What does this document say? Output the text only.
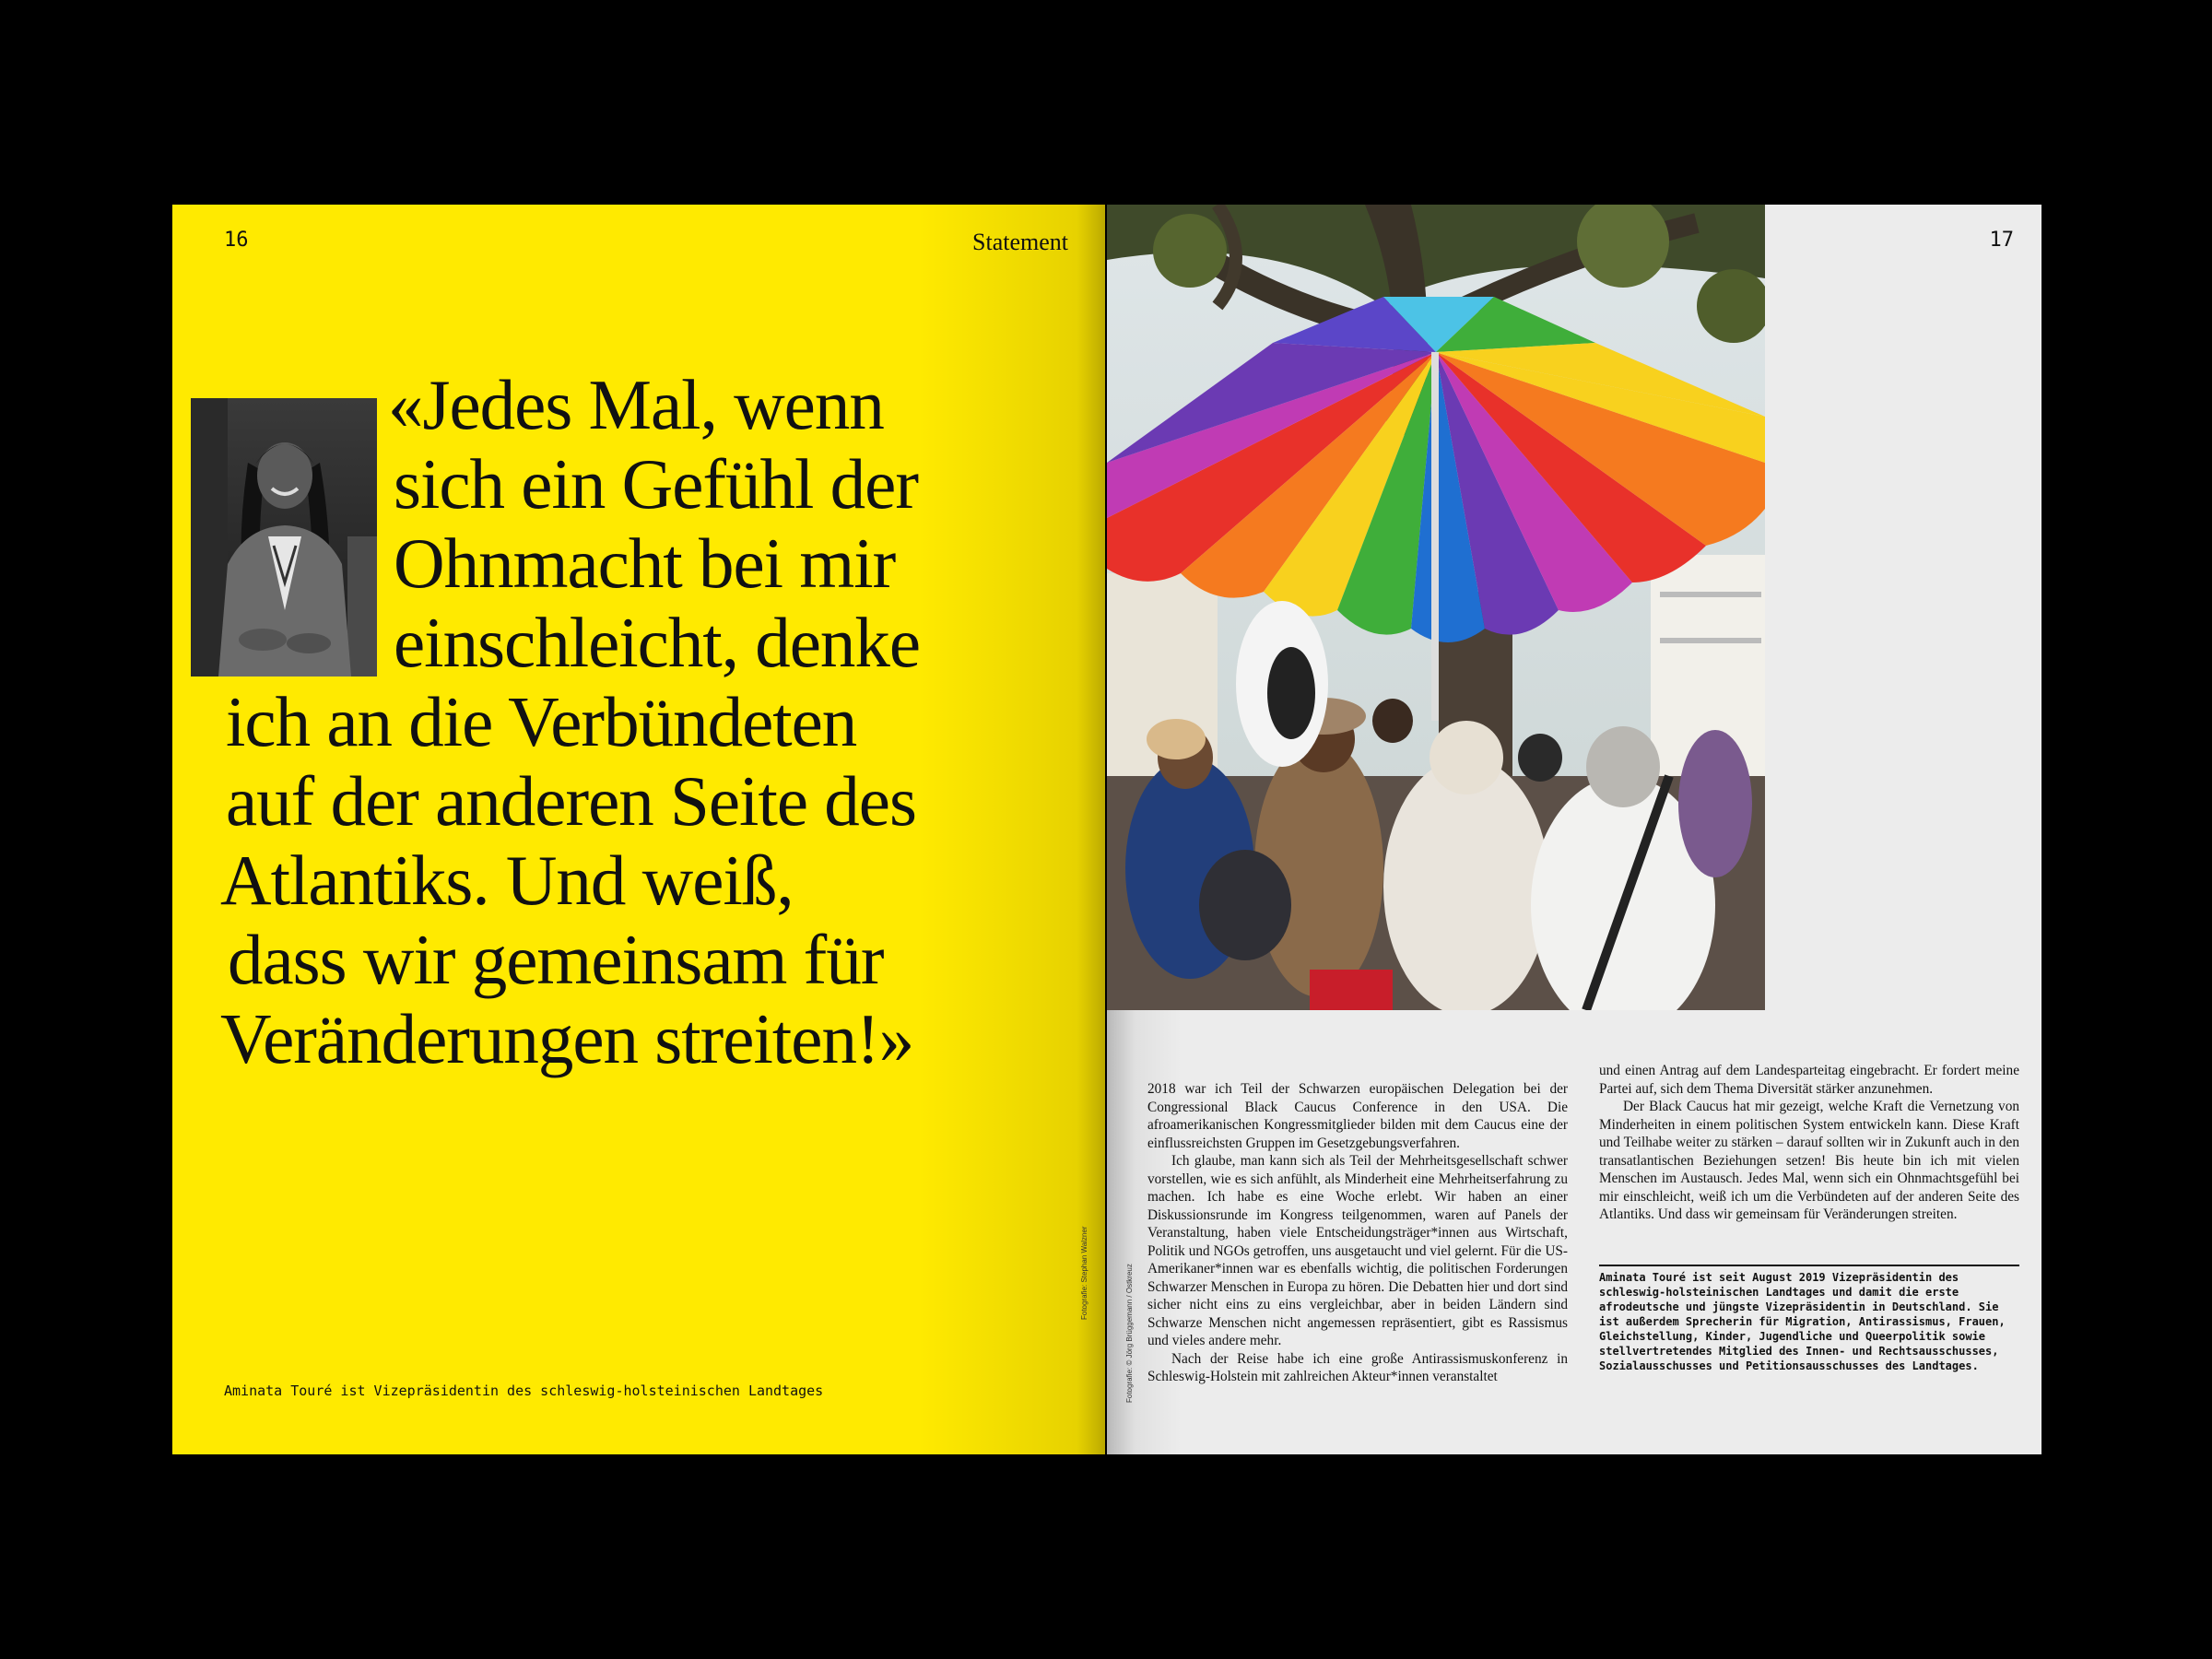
16	Statement
«Jedes Mal, wenn
sich ein Gefühl der
Ohnmacht bei mir
einschleicht, denke
ich an die Verbündeten
auf der anderen Seite des
Atlantiks. Und weiß,
dass wir gemeinsam für
Veränderungen streiten!»
Aminata Touré ist Vizepräsidentin des schleswig-holsteinischen Landtages
Fotografie: Stephan Walzner
17
Fotografie: © Jörg Brüggemann / Ostkreuz

2018 war ich Teil der Schwarzen europäischen Delegation bei der Congressional Black Caucus Conference in den USA. Die afroamerikanischen Kongressmitglieder bilden mit dem Caucus eine der einflussreichsten Gruppen im Gesetzgebungsverfahren.

Ich glaube, man kann sich als Teil der Mehrheitsgesellschaft schwer vorstellen, wie es sich anfühlt, als Minderheit eine Mehrheitserfahrung zu machen. Ich habe es eine Woche erlebt. Wir haben an einer Diskussionsrunde im Kongress teilgenommen, waren auf Panels der Veranstaltung, haben viele Entscheidungsträger*innen aus Wirtschaft, Politik und NGOs getroffen, uns ausgetaucht und viel gelernt. Für die US-Amerikaner*innen war es ebenfalls wichtig, die politischen Forderungen Schwarzer Menschen in Europa zu hören. Die Debatten hier und dort sind sicher nicht eins zu eins vergleichbar, aber in beiden Ländern sind Schwarze Menschen nicht angemessen repräsentiert, gibt es Rassismus und vieles andere mehr.

Nach der Reise habe ich eine große Antirassismuskonferenz in Schleswig-Holstein mit zahlreichen Akteur*innen veranstaltet

und einen Antrag auf dem Landesparteitag eingebracht. Er fordert meine Partei auf, sich dem Thema Diversität stärker anzunehmen.

Der Black Caucus hat mir gezeigt, welche Kraft die Vernetzung von Minderheiten in einem politischen System entwickeln kann. Diese Kraft und Teilhabe weiter zu stärken – darauf sollten wir in Zukunft auch in den transatlantischen Beziehungen setzen! Bis heute bin ich mit vielen Menschen im Austausch. Jedes Mal, wenn sich ein Ohnmachtsgefühl bei mir einschleicht, weiß ich um die Verbündeten auf der anderen Seite des Atlantiks. Und dass wir gemeinsam für Veränderungen streiten.

Aminata Touré ist seit August 2019 Vizepräsidentin des schleswig-holsteinischen Landtages und damit die erste afrodeutsche und jüngste Vizepräsidentin in Deutschland. Sie ist außerdem Sprecherin für Migration, Antirassismus, Frauen, Gleichstellung, Kinder, Jugendliche und Queerpolitik sowie stellvertretendes Mitglied des Innen- und Rechtsausschusses, Sozialausschusses und Petitionsausschusses des Landtages.
